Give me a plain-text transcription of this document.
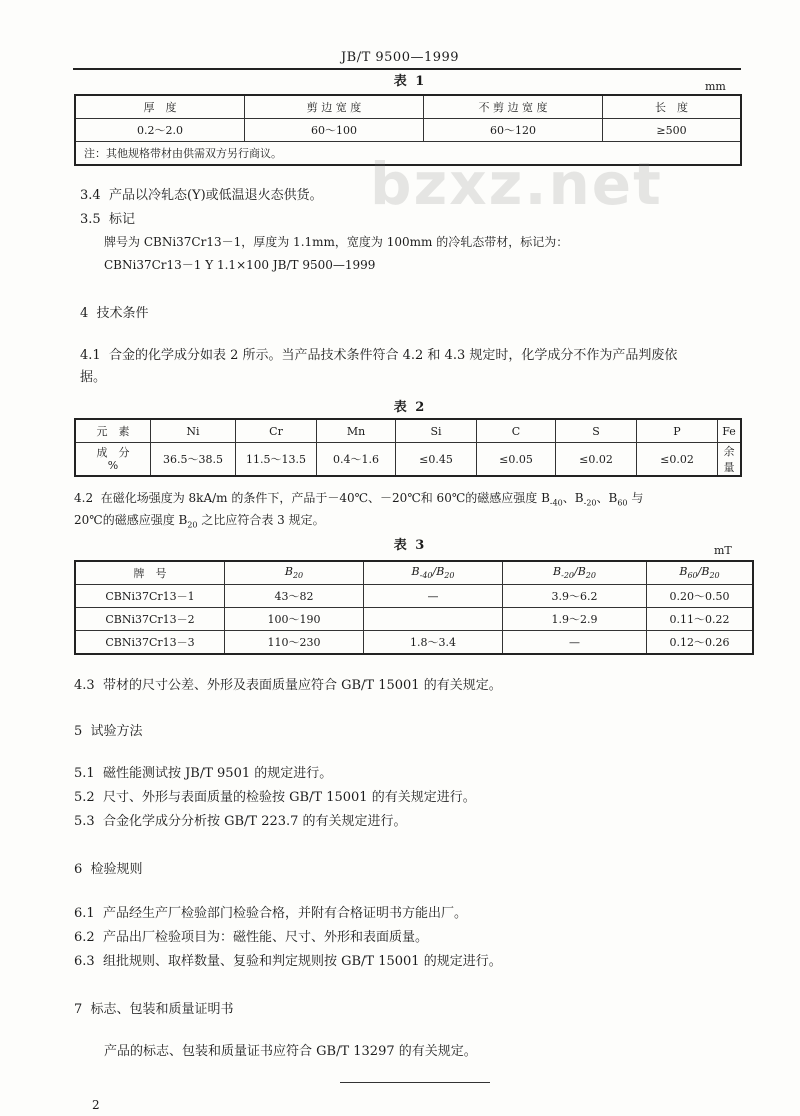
JB/T 9500—1999
表 1	mm
厚　度	剪 边 宽 度	不 剪 边 宽 度	长　度
0.2～2.0	60～100	60～120	≥500
注：其他规格带材由供需双方另行商议。			bzxz.net
3.4 产品以冷轧态(Y)或低温退火态供货。
3.5 标记
牌号为 CBNi37Cr13－1，厚度为 1.1mm，宽度为 100mm 的冷轧态带材，标记为：
CBNi37Cr13－1 Y 1.1×100 JB/T 9500—1999
4 技术条件
4.1 合金的化学成分如表 2 所示。当产品技术条件符合 4.2 和 4.3 规定时，化学成分不作为产品判废依
据。
表 2
元　素	Ni	Cr	Mn	Si	C	S	P	Fe
成　分
%	36.5～38.5	11.5～13.5	0.4～1.6	≤0.45	≤0.05	≤0.02	≤0.02	余量
4.2 在磁化场强度为 8kA/m 的条件下，产品于－40℃、－20℃和 60℃的磁感应强度 $B_{-40}$、$B_{-20}$、$B_{60}$ 与
20℃的磁感应强度 $B_{20}$ 之比应符合表 3 规定。
表 3	mT
牌　号	$B_{20}$	$B_{-40}/B_{20}$	$B_{-20}/B_{20}$	$B_{60}/B_{20}$
CBNi37Cr13－1	43～82	—	3.9～6.2	0.20～0.50
CBNi37Cr13－2	100～190		1.9～2.9	0.11～0.22
CBNi37Cr13－3	110～230	1.8～3.4	—	0.12～0.26
4.3 带材的尺寸公差、外形及表面质量应符合 GB/T 15001 的有关规定。
5 试验方法
5.1 磁性能测试按 JB/T 9501 的规定进行。
5.2 尺寸、外形与表面质量的检验按 GB/T 15001 的有关规定进行。
5.3 合金化学成分分析按 GB/T 223.7 的有关规定进行。
6 检验规则
6.1 产品经生产厂检验部门检验合格，并附有合格证明书方能出厂。
6.2 产品出厂检验项目为：磁性能、尺寸、外形和表面质量。
6.3 组批规则、取样数量、复验和判定规则按 GB/T 15001 的规定进行。
7 标志、包装和质量证明书
产品的标志、包装和质量证书应符合 GB/T 13297 的有关规定。
2
